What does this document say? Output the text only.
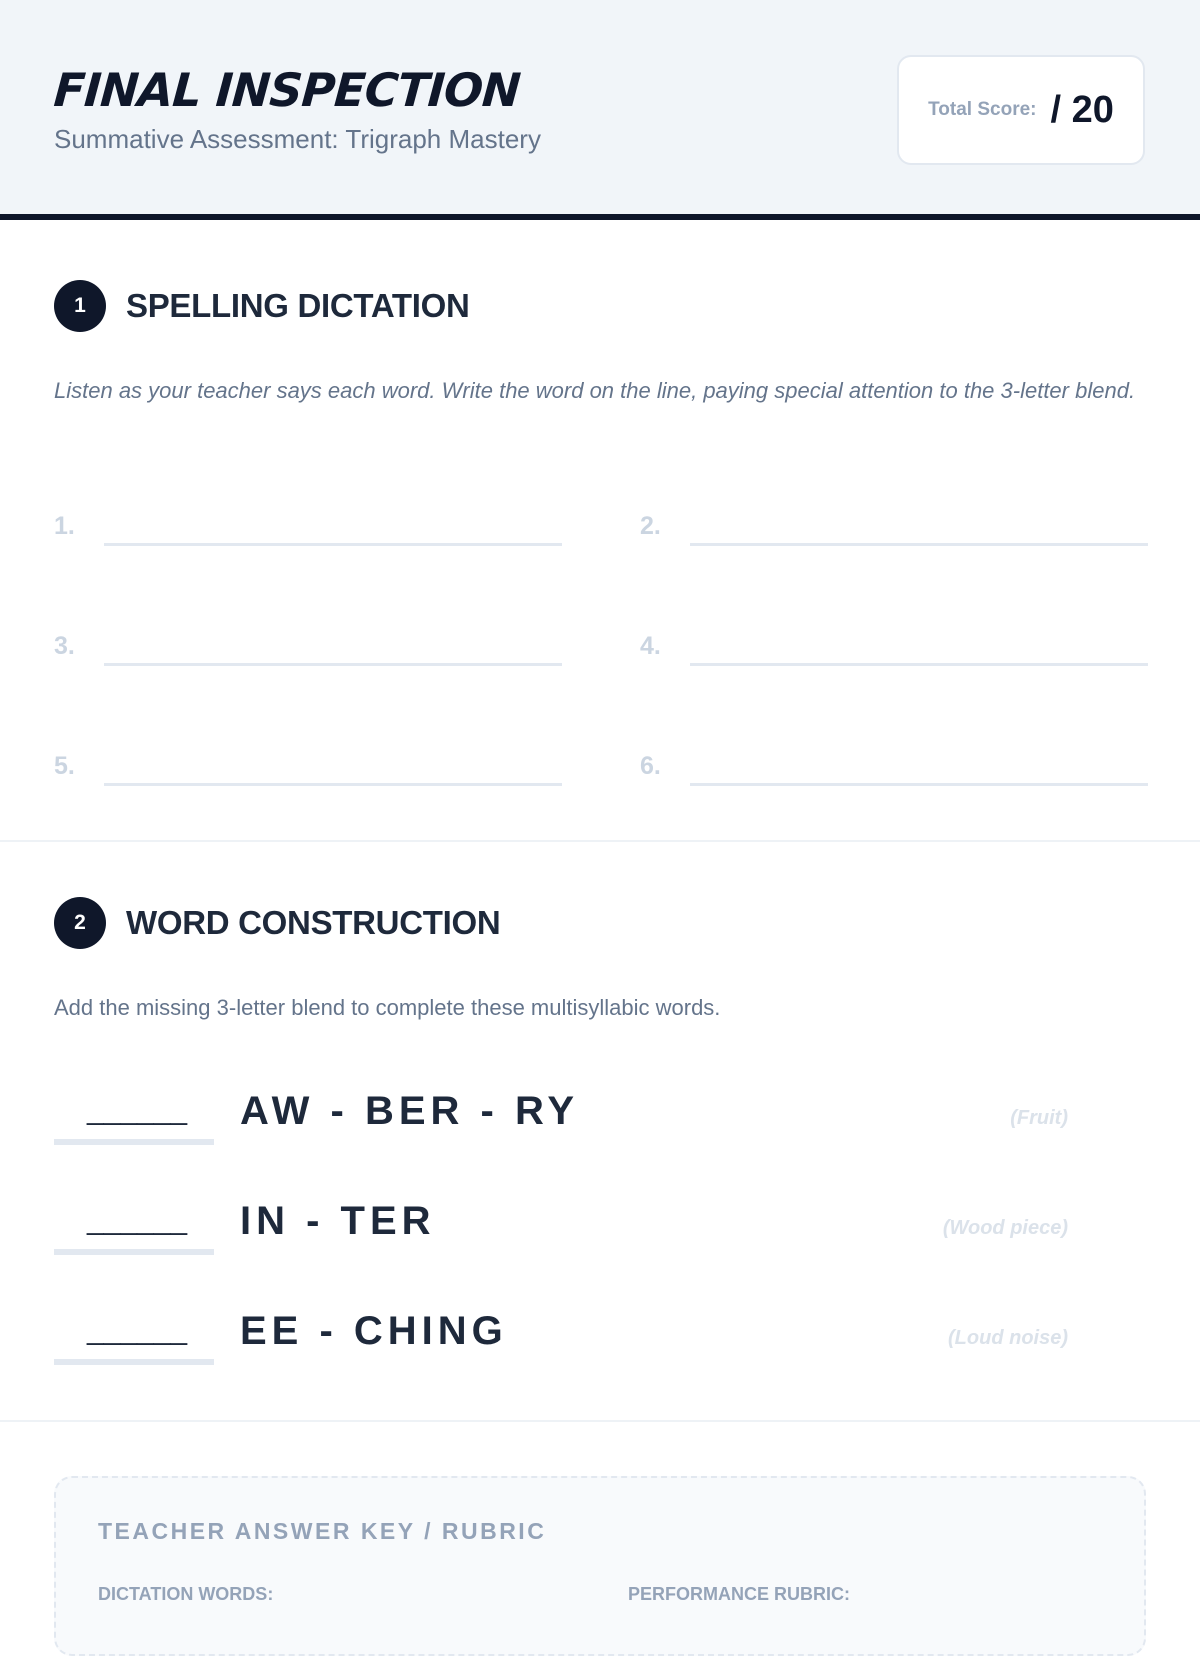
FINAL INSPECTION
Summative Assessment: Trigraph Mastery
Total Score: / 20
1	SPELLING DICTATION
Listen as your teacher says each word. Write the word on the line, paying special attention to the 3-letter blend.
1.	2.
3.	4.
5.	6.
2	WORD CONSTRUCTION
Add the missing 3-letter blend to complete these multisyllabic words.
______ AW - BER - RY	(Fruit)
______ IN - TER	(Wood piece)
______ EE - CHING	(Loud noise)
TEACHER ANSWER KEY / RUBRIC
DICTATION WORDS:	PERFORMANCE RUBRIC:
